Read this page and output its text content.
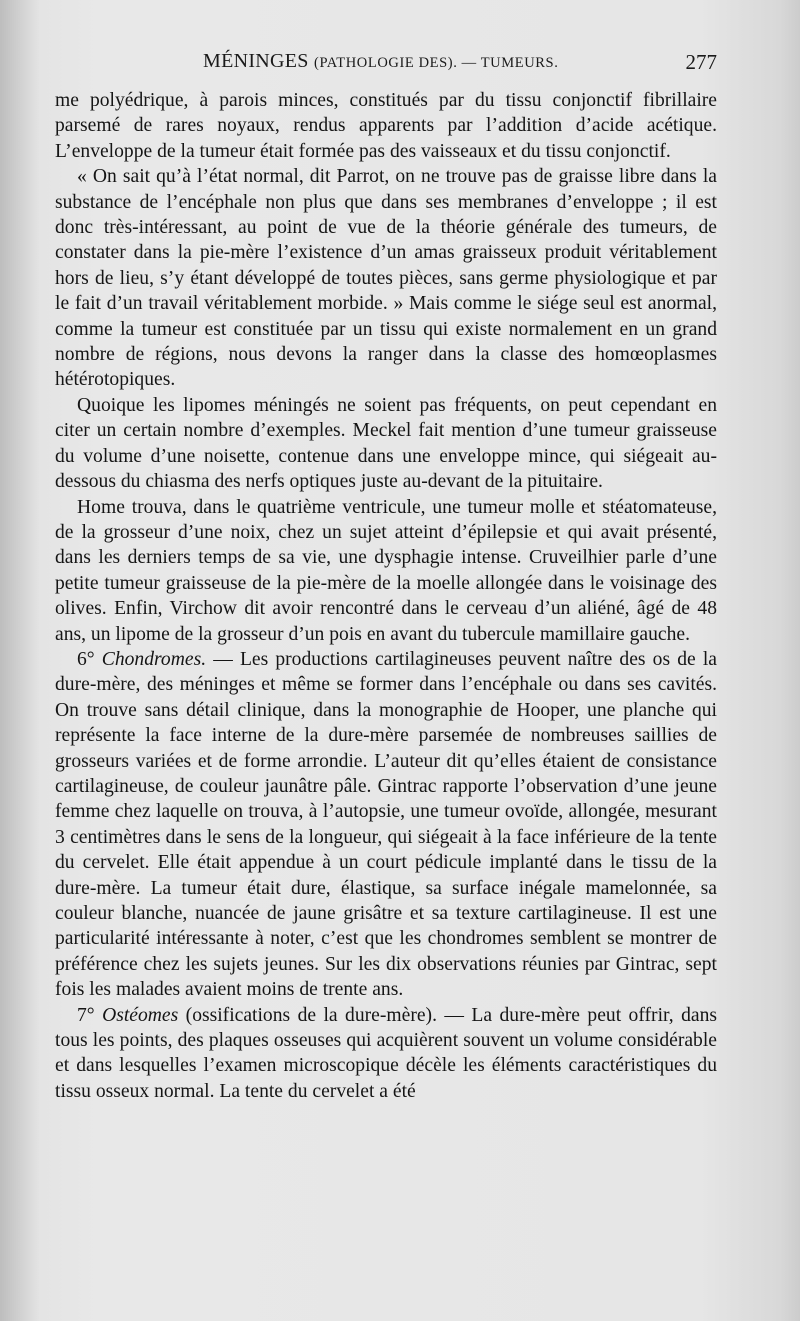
MÉNINGES (PATHOLOGIE DES). — TUMEURS.	277

me polyédrique, à parois minces, constitués par du tissu conjonctif fibrillaire parsemé de rares noyaux, rendus apparents par l’addition d’acide acétique. L’enveloppe de la tumeur était formée pas des vaisseaux et du tissu conjonctif.

« On sait qu’à l’état normal, dit Parrot, on ne trouve pas de graisse libre dans la substance de l’encéphale non plus que dans ses membranes d’enveloppe ; il est donc très-intéressant, au point de vue de la théorie générale des tumeurs, de constater dans la pie-mère l’existence d’un amas graisseux produit véritablement hors de lieu, s’y étant développé de toutes pièces, sans germe physiologique et par le fait d’un travail véritablement morbide. » Mais comme le siége seul est anormal, comme la tumeur est constituée par un tissu qui existe normalement en un grand nombre de régions, nous devons la ranger dans la classe des homœoplasmes hétérotopiques.

Quoique les lipomes méningés ne soient pas fréquents, on peut cependant en citer un certain nombre d’exemples. Meckel fait mention d’une tumeur graisseuse du volume d’une noisette, contenue dans une enveloppe mince, qui siégeait au-dessous du chiasma des nerfs optiques juste au-devant de la pituitaire.

Home trouva, dans le quatrième ventricule, une tumeur molle et stéatomateuse, de la grosseur d’une noix, chez un sujet atteint d’épilepsie et qui avait présenté, dans les derniers temps de sa vie, une dysphagie intense. Cruveilhier parle d’une petite tumeur graisseuse de la pie-mère de la moelle allongée dans le voisinage des olives. Enfin, Virchow dit avoir rencontré dans le cerveau d’un aliéné, âgé de 48 ans, un lipome de la grosseur d’un pois en avant du tubercule mamillaire gauche.

6° Chondromes. — Les productions cartilagineuses peuvent naître des os de la dure-mère, des méninges et même se former dans l’encéphale ou dans ses cavités. On trouve sans détail clinique, dans la monographie de Hooper, une planche qui représente la face interne de la dure-mère parsemée de nombreuses saillies de grosseurs variées et de forme arrondie. L’auteur dit qu’elles étaient de consistance cartilagineuse, de couleur jaunâtre pâle. Gintrac rapporte l’observation d’une jeune femme chez laquelle on trouva, à l’autopsie, une tumeur ovoïde, allongée, mesurant 3 centimètres dans le sens de la longueur, qui siégeait à la face inférieure de la tente du cervelet. Elle était appendue à un court pédicule implanté dans le tissu de la dure-mère. La tumeur était dure, élastique, sa surface inégale mamelonnée, sa couleur blanche, nuancée de jaune grisâtre et sa texture cartilagineuse. Il est une particularité intéressante à noter, c’est que les chondromes semblent se montrer de préférence chez les sujets jeunes. Sur les dix observations réunies par Gintrac, sept fois les malades avaient moins de trente ans.

7° Ostéomes (ossifications de la dure-mère). — La dure-mère peut offrir, dans tous les points, des plaques osseuses qui acquièrent souvent un volume considérable et dans lesquelles l’examen microscopique décèle les éléments caractéristiques du tissu osseux normal. La tente du cervelet a été
